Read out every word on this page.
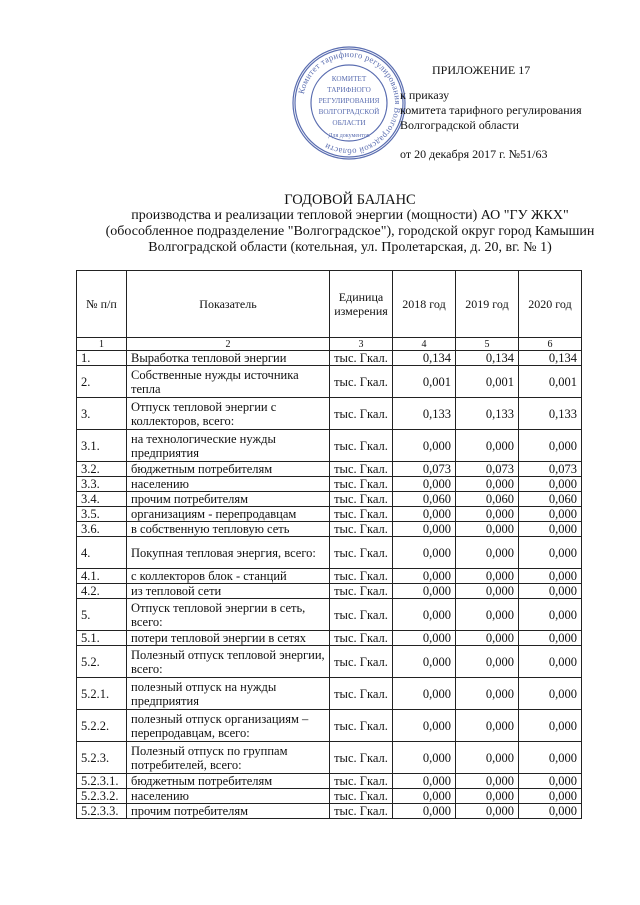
Комитет тарифного регулирования Волгоградской области
КОМИТЕТ
ТАРИФНОГО
РЕГУЛИРОВАНИЯ
ВОЛГОГРАДСКОЙ
ОБЛАСТИ
Для документов
ПРИЛОЖЕНИЕ 17
к приказу
комитета тарифного регулирования
Волгоградской области
от 20 декабря 2017 г. №51/63
ГОДОВОЙ БАЛАНС
производства и реализации тепловой энергии (мощности) АО "ГУ ЖКХ"
(обособленное подразделение "Волгоградское"), городской округ город Камышин
Волгоградской области (котельная, ул. Пролетарская, д. 20, вг. № 1)
№ п/п	Показатель	Единица измерения	2018 год	2019 год	2020 год
1	2	3	4	5	6
1.	Выработка тепловой энергии	тыс. Гкал.	0,134	0,134	0,134
2.	Собственные нужды источника тепла	тыс. Гкал.	0,001	0,001	0,001
3.	Отпуск тепловой энергии с коллекторов, всего:	тыс. Гкал.	0,133	0,133	0,133
3.1.	на технологические нужды предприятия	тыс. Гкал.	0,000	0,000	0,000
3.2.	бюджетным потребителям	тыс. Гкал.	0,073	0,073	0,073
3.3.	населению	тыс. Гкал.	0,000	0,000	0,000
3.4.	прочим потребителям	тыс. Гкал.	0,060	0,060	0,060
3.5.	организациям - перепродавцам	тыс. Гкал.	0,000	0,000	0,000
3.6.	в собственную тепловую сеть	тыс. Гкал.	0,000	0,000	0,000
4.	Покупная тепловая энергия, всего:	тыс. Гкал.	0,000	0,000	0,000
4.1.	с коллекторов блок - станций	тыс. Гкал.	0,000	0,000	0,000
4.2.	из тепловой сети	тыс. Гкал.	0,000	0,000	0,000
5.	Отпуск тепловой энергии в сеть, всего:	тыс. Гкал.	0,000	0,000	0,000
5.1.	потери тепловой энергии в сетях	тыс. Гкал.	0,000	0,000	0,000
5.2.	Полезный отпуск тепловой энергии, всего:	тыс. Гкал.	0,000	0,000	0,000
5.2.1.	полезный отпуск на нужды предприятия	тыс. Гкал.	0,000	0,000	0,000
5.2.2.	полезный отпуск организациям – перепродавцам, всего:	тыс. Гкал.	0,000	0,000	0,000
5.2.3.	Полезный отпуск по группам потребителей, всего:	тыс. Гкал.	0,000	0,000	0,000
5.2.3.1.	бюджетным потребителям	тыс. Гкал.	0,000	0,000	0,000
5.2.3.2.	населению	тыс. Гкал.	0,000	0,000	0,000
5.2.3.3.	прочим потребителям	тыс. Гкал.	0,000	0,000	0,000
